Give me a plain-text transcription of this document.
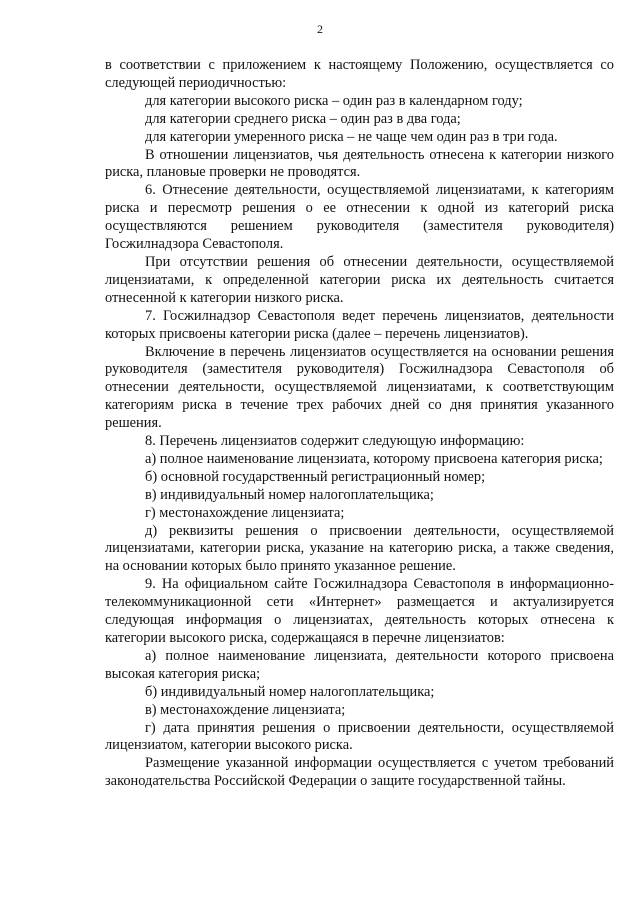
2

в соответствии с приложением к настоящему Положению, осуществляется со следующей периодичностью:

для категории высокого риска – один раз в календарном году;

для категории среднего риска – один раз в два года;

для категории умеренного риска – не чаще чем один раз в три года.

В отношении лицензиатов, чья деятельность отнесена к категории низкого риска, плановые проверки не проводятся.

6. Отнесение деятельности, осуществляемой лицензиатами, к категориям риска и пересмотр решения о ее отнесении к одной из категорий риска осуществляются решением руководителя (заместителя руководителя) Госжилнадзора Севастополя.

При отсутствии решения об отнесении деятельности, осуществляемой лицензиатами, к определенной категории риска их деятельность считается отнесенной к категории низкого риска.

7. Госжилнадзор Севастополя ведет перечень лицензиатов, деятельности которых присвоены категории риска (далее – перечень лицензиатов).

Включение в перечень лицензиатов осуществляется на основании решения руководителя (заместителя руководителя) Госжилнадзора Севастополя об отнесении деятельности, осуществляемой лицензиатами, к соответствующим категориям риска в течение трех рабочих дней со дня принятия указанного решения.

8. Перечень лицензиатов содержит следующую информацию:

а) полное наименование лицензиата, которому присвоена категория риска;

б) основной государственный регистрационный номер;

в) индивидуальный номер налогоплательщика;

г) местонахождение лицензиата;

д) реквизиты решения о присвоении деятельности, осуществляемой лицензиатами, категории риска, указание на категорию риска, а также сведения, на основании которых было принято указанное решение.

9. На официальном сайте Госжилнадзора Севастополя в информационно-телекоммуникационной сети «Интернет» размещается и актуализируется следующая информация о лицензиатах, деятельность которых отнесена к категории высокого риска, содержащаяся в перечне лицензиатов:

а) полное наименование лицензиата, деятельности которого присвоена высокая категория риска;

б) индивидуальный номер налогоплательщика;

в) местонахождение лицензиата;

г) дата принятия решения о присвоении деятельности, осуществляемой лицензиатом, категории высокого риска.

Размещение указанной информации осуществляется с учетом требований законодательства Российской Федерации о защите государственной тайны.
